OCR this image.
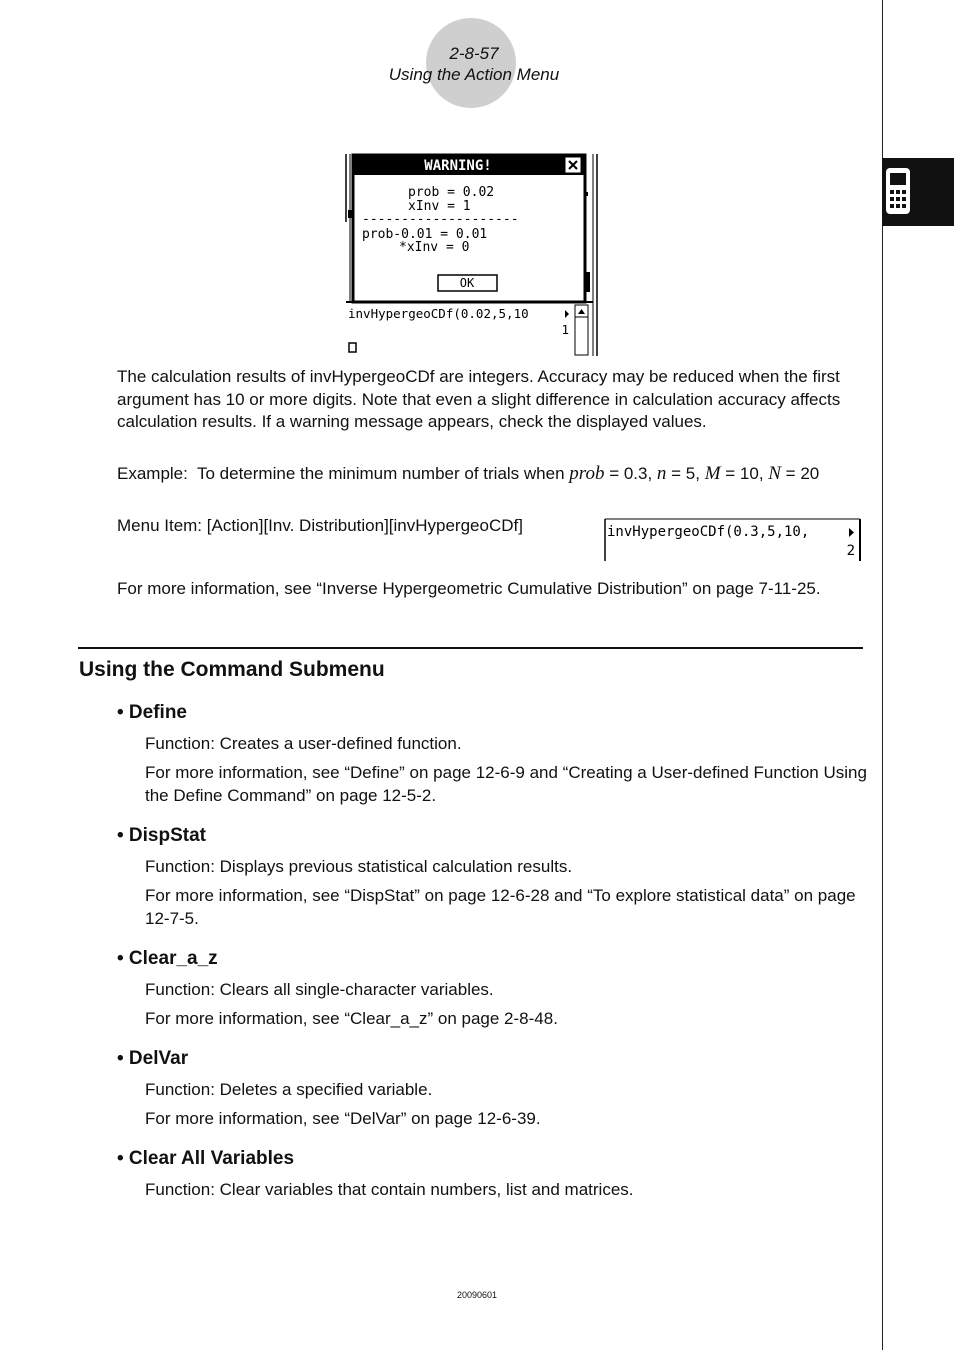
2-8-57
Using the Action Menu
WARNING!
prob = 0.02
xInv = 1
--------------------
prob-0.01 = 0.01
*xInv = 0
OK
invHypergeoCDf(0.02,5,10
1
The calculation results of invHypergeoCDf are integers. Accuracy may be reduced when the first argument has 10 or more digits. Note that even a slight difference in calculation accuracy affects calculation results. If a warning message appears, check the displayed values.
Example: To determine the minimum number of trials when prob = 0.3, n = 5, M = 10, N = 20
Menu Item: [Action][Inv. Distribution][invHypergeoCDf]	invHypergeoCDf(0.3,5,10,
2
For more information, see “Inverse Hypergeometric Cumulative Distribution” on page 7-11-25.
Using the Command Submenu
• Define
Function: Creates a user-defined function.
For more information, see “Define” on page 12-6-9 and “Creating a User-defined Function Using the Define Command” on page 12-5-2.
• DispStat
Function: Displays previous statistical calculation results.
For more information, see “DispStat” on page 12-6-28 and “To explore statistical data” on page 12-7-5.
• Clear_a_z
Function: Clears all single-character variables.
For more information, see “Clear_a_z” on page 2-8-48.
• DelVar
Function: Deletes a specified variable.
For more information, see “DelVar” on page 12-6-39.
• Clear All Variables
Function: Clear variables that contain numbers, list and matrices.
20090601
